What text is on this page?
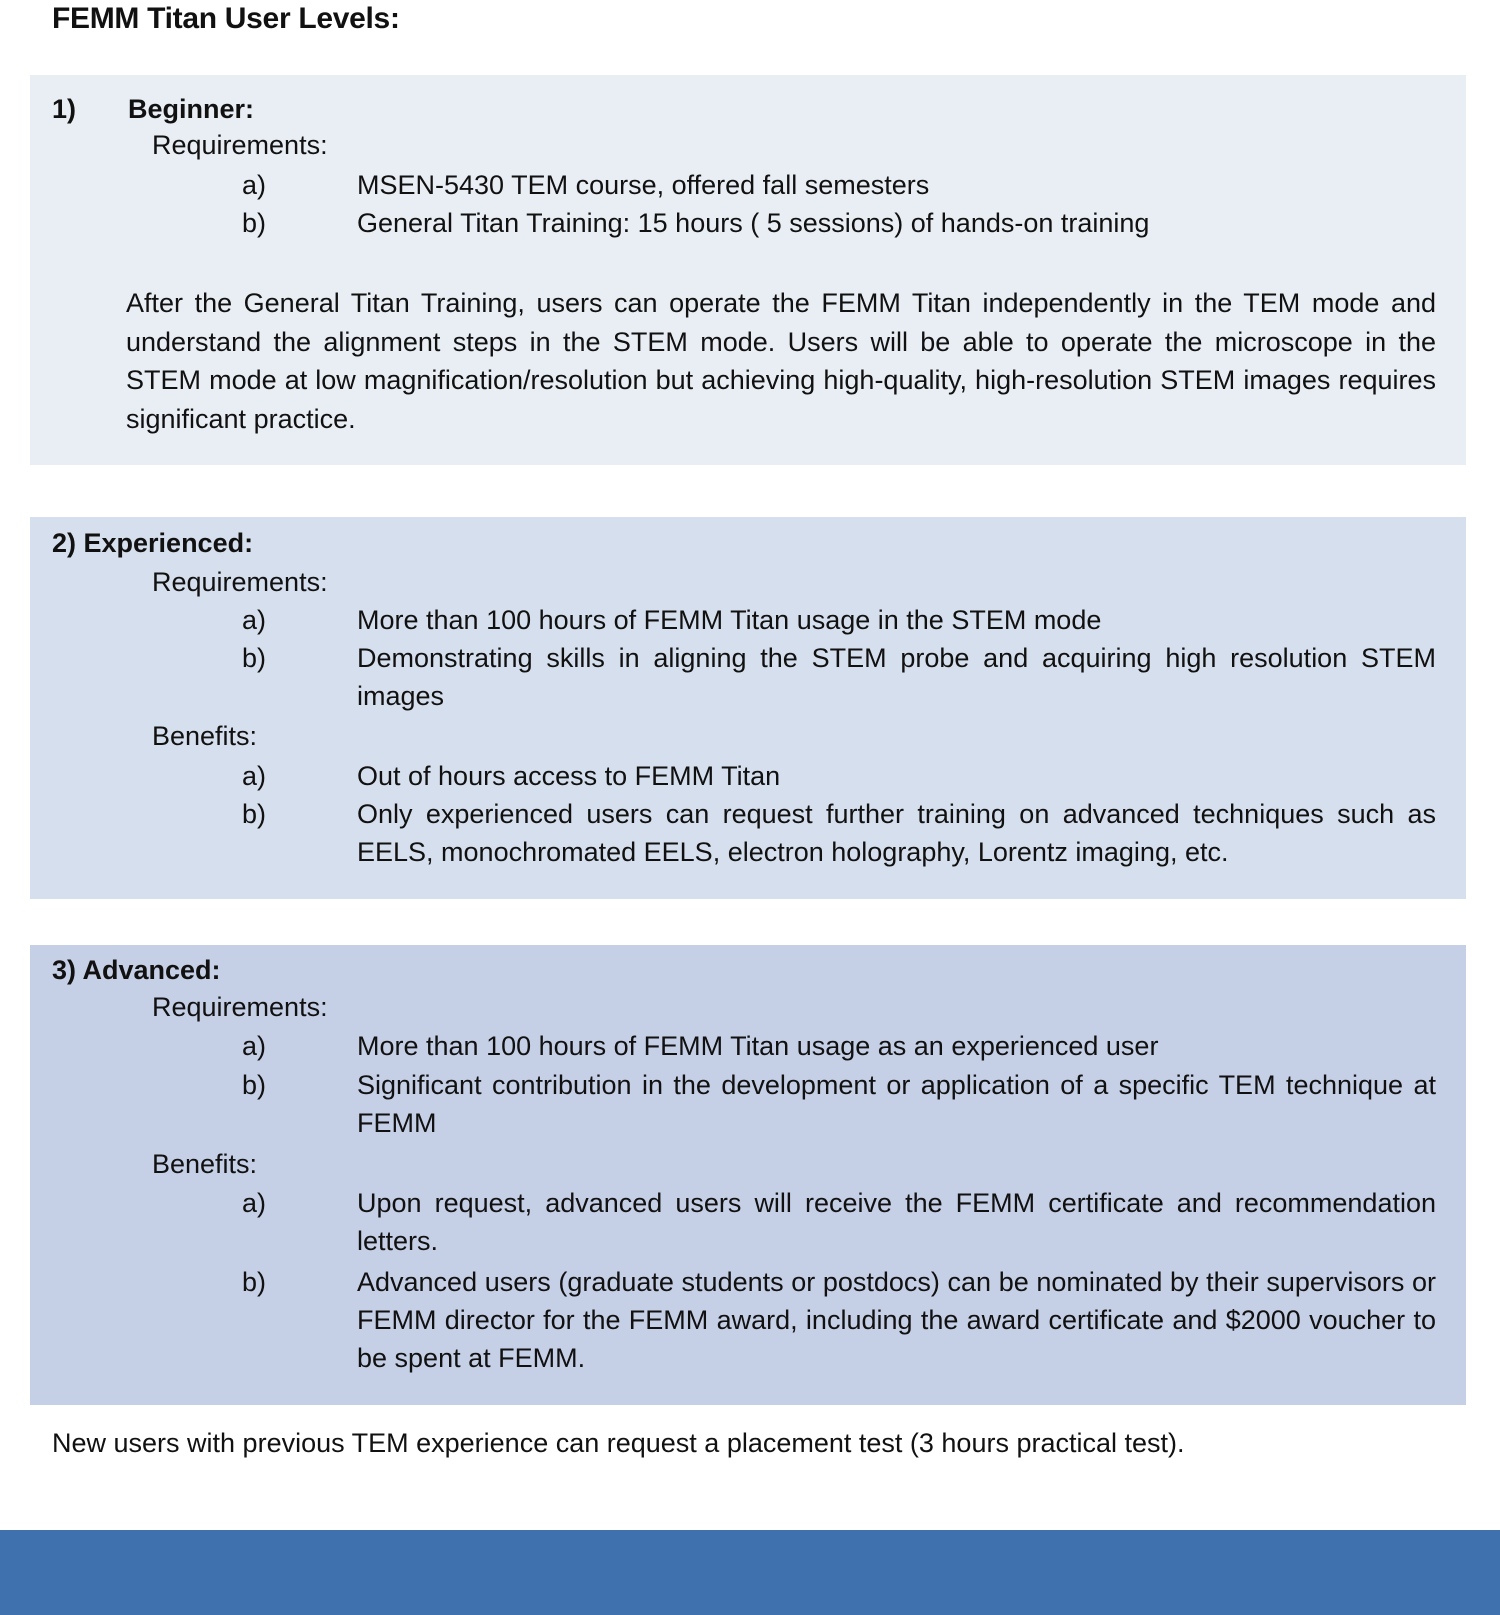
FEMM Titan User Levels:
1) Beginner:

Requirements:

a)	MSEN-5430 TEM course, offered fall semesters
b)	General Titan Training: 15 hours ( 5 sessions) of hands-on training

After the General Titan Training, users can operate the FEMM Titan independently in the TEM mode and understand the alignment steps in the STEM mode. Users will be able to operate the microscope in the STEM mode at low magnification/resolution but achieving high-quality, high-resolution STEM images requires significant practice.

2) Experienced:

Requirements:

a)	More than 100 hours of FEMM Titan usage in the STEM mode
b)	Demonstrating skills in aligning the STEM probe and acquiring high resolution STEM images

Benefits:

a)	Out of hours access to FEMM Titan
b)	Only experienced users can request further training on advanced techniques such as EELS, monochromated EELS, electron holography, Lorentz imaging, etc.
3) Advanced:

Requirements:

a)	More than 100 hours of FEMM Titan usage as an experienced user
b)	Significant contribution in the development or application of a specific TEM technique at FEMM

Benefits:

a)	Upon request, advanced users will receive the FEMM certificate and recommendation letters.
b)	Advanced users (graduate students or postdocs) can be nominated by their supervisors or FEMM director for the FEMM award, including the award certificate and $2000 voucher to be spent at FEMM.

New users with previous TEM experience can request a placement test (3 hours practical test).
